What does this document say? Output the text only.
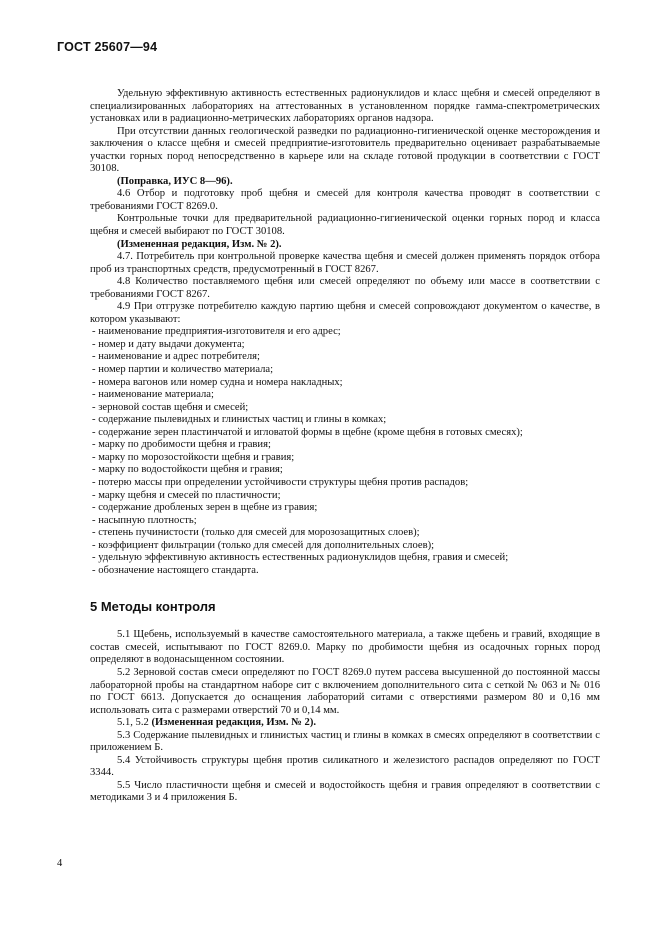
ГОСТ 25607—94

Удельную эффективную активность естественных радионуклидов и класс щебня и смесей определяют в специализированных лабораториях на аттестованных в установленном порядке гамма-спектрометрических установках или в радиационно-метрических лабораториях органов надзора.

При отсутствии данных геологической разведки по радиационно-гигиенической оценке месторождения и заключения о классе щебня и смесей предприятие-изготовитель предварительно оценивает разрабатываемые участки горных пород непосредственно в карьере или на складе готовой продукции в соответствии с ГОСТ 30108.

(Поправка, ИУС 8—96).

4.6 Отбор и подготовку проб щебня и смесей для контроля качества проводят в соответствии с требованиями ГОСТ 8269.0.

Контрольные точки для предварительной радиационно-гигиенической оценки горных пород и класса щебня и смесей выбирают по ГОСТ 30108.

(Измененная редакция, Изм. № 2).

4.7. Потребитель при контрольной проверке качества щебня и смесей должен применять порядок отбора проб из транспортных средств, предусмотренный в ГОСТ 8267.

4.8 Количество поставляемого щебня или смесей определяют по объему или массе в соответствии с требованиями ГОСТ 8267.

4.9 При отгрузке потребителю каждую партию щебня и смесей сопровождают документом о качестве, в котором указывают:

- наименование предприятия-изготовителя и его адрес;
- номер и дату выдачи документа;
- наименование и адрес потребителя;
- номер партии и количество материала;
- номера вагонов или номер судна и номера накладных;
- наименование материала;
- зерновой состав щебня и смесей;
- содержание пылевидных и глинистых частиц и глины в комках;
- содержание зерен пластинчатой и игловатой формы в щебне (кроме щебня в готовых смесях);
- марку по дробимости щебня и гравия;
- марку по морозостойкости щебня и гравия;
- марку по водостойкости щебня и гравия;
- потерю массы при определении устойчивости структуры щебня против распадов;
- марку щебня и смесей по пластичности;
- содержание дробленых зерен в щебне из гравия;
- насыпную плотность;
- степень пучинистости (только для смесей для морозозащитных слоев);
- коэффициент фильтрации (только для смесей для дополнительных слоев);
- удельную эффективную активность естественных радионуклидов щебня, гравия и смесей;
- обозначение настоящего стандарта.
5 Методы контроля

5.1 Щебень, используемый в качестве самостоятельного материала, а также щебень и гравий, входящие в состав смесей, испытывают по ГОСТ 8269.0. Марку по дробимости щебня из осадочных горных пород определяют в водонасыщенном состоянии.

5.2 Зерновой состав смеси определяют по ГОСТ 8269.0 путем рассева высушенной до постоянной массы лабораторной пробы на стандартном наборе сит с включением дополнительного сита с сеткой № 063 и № 016 по ГОСТ 6613. Допускается до оснащения лабораторий ситами с отверстиями размером 80 и 0,16 мм использовать сита с размерами отверстий 70 и 0,14 мм.

5.1, 5.2 (Измененная редакция, Изм. № 2).

5.3 Содержание пылевидных и глинистых частиц и глины в комках в смесях определяют в соответствии с приложением Б.

5.4 Устойчивость структуры щебня против силикатного и железистого распадов определяют по ГОСТ 3344.

5.5 Число пластичности щебня и смесей и водостойкость щебня и гравия определяют в соответствии с методиками 3 и 4 приложения Б.

4
